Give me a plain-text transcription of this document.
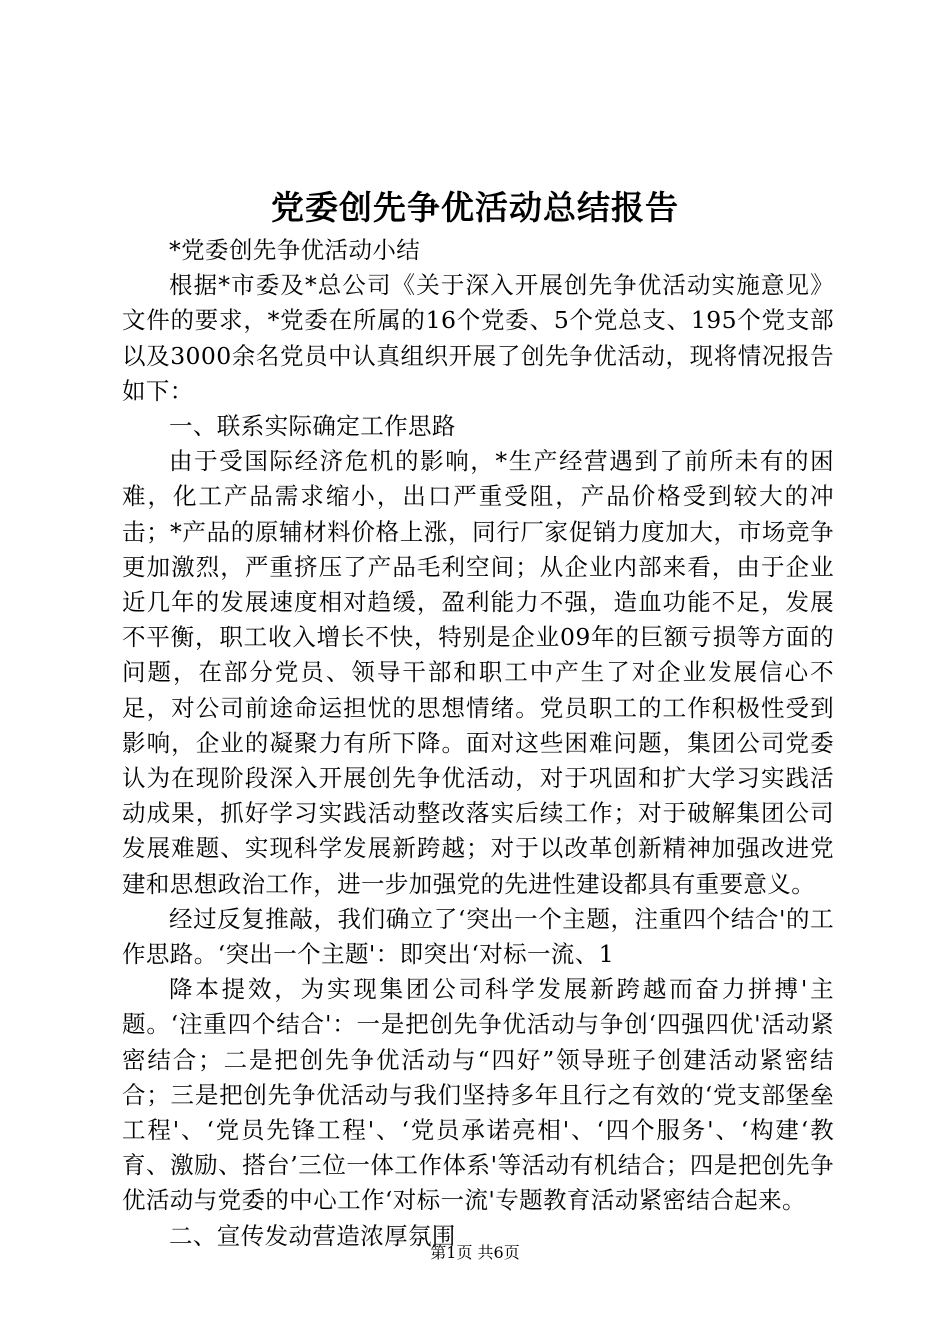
党委创先争优活动总结报告

*党委创先争优活动小结

根据*市委及*总公司《关于深入开展创先争优活动实施意见》文件的要求，*党委在所属的16个党委、5个党总支、195个党支部以及3000余名党员中认真组织开展了创先争优活动，现将情况报告如下：

一、联系实际确定工作思路

由于受国际经济危机的影响，*生产经营遇到了前所未有的困难，化工产品需求缩小，出口严重受阻，产品价格受到较大的冲击；*产品的原辅材料价格上涨，同行厂家促销力度加大，市场竞争更加激烈，严重挤压了产品毛利空间；从企业内部来看，由于企业近几年的发展速度相对趋缓，盈利能力不强，造血功能不足，发展不平衡，职工收入增长不快，特别是企业09年的巨额亏损等方面的问题，在部分党员、领导干部和职工中产生了对企业发展信心不足，对公司前途命运担忧的思想情绪。党员职工的工作积极性受到影响，企业的凝聚力有所下降。面对这些困难问题，集团公司党委认为在现阶段深入开展创先争优活动，对于巩固和扩大学习实践活动成果，抓好学习实践活动整改落实后续工作；对于破解集团公司发展难题、实现科学发展新跨越；对于以改革创新精神加强改进党建和思想政治工作，进一步加强党的先进性建设都具有重要意义。

经过反复推敲，我们确立了‘突出一个主题，注重四个结合'的工作思路。‘突出一个主题'：即突出‘对标一流、1

降本提效，为实现集团公司科学发展新跨越而奋力拼搏'主题。‘注重四个结合'：一是把创先争优活动与争创‘四强四优'活动紧密结合；二是把创先争优活动与“四好”领导班子创建活动紧密结合；三是把创先争优活动与我们坚持多年且行之有效的‘党支部堡垒工程'、‘党员先锋工程'、‘党员承诺亮相'、‘四个服务'、‘构建‘教育、激励、搭台’三位一体工作体系'等活动有机结合；四是把创先争优活动与党委的中心工作‘对标一流'专题教育活动紧密结合起来。

二、宣传发动营造浓厚氛围

第1页 共6页
